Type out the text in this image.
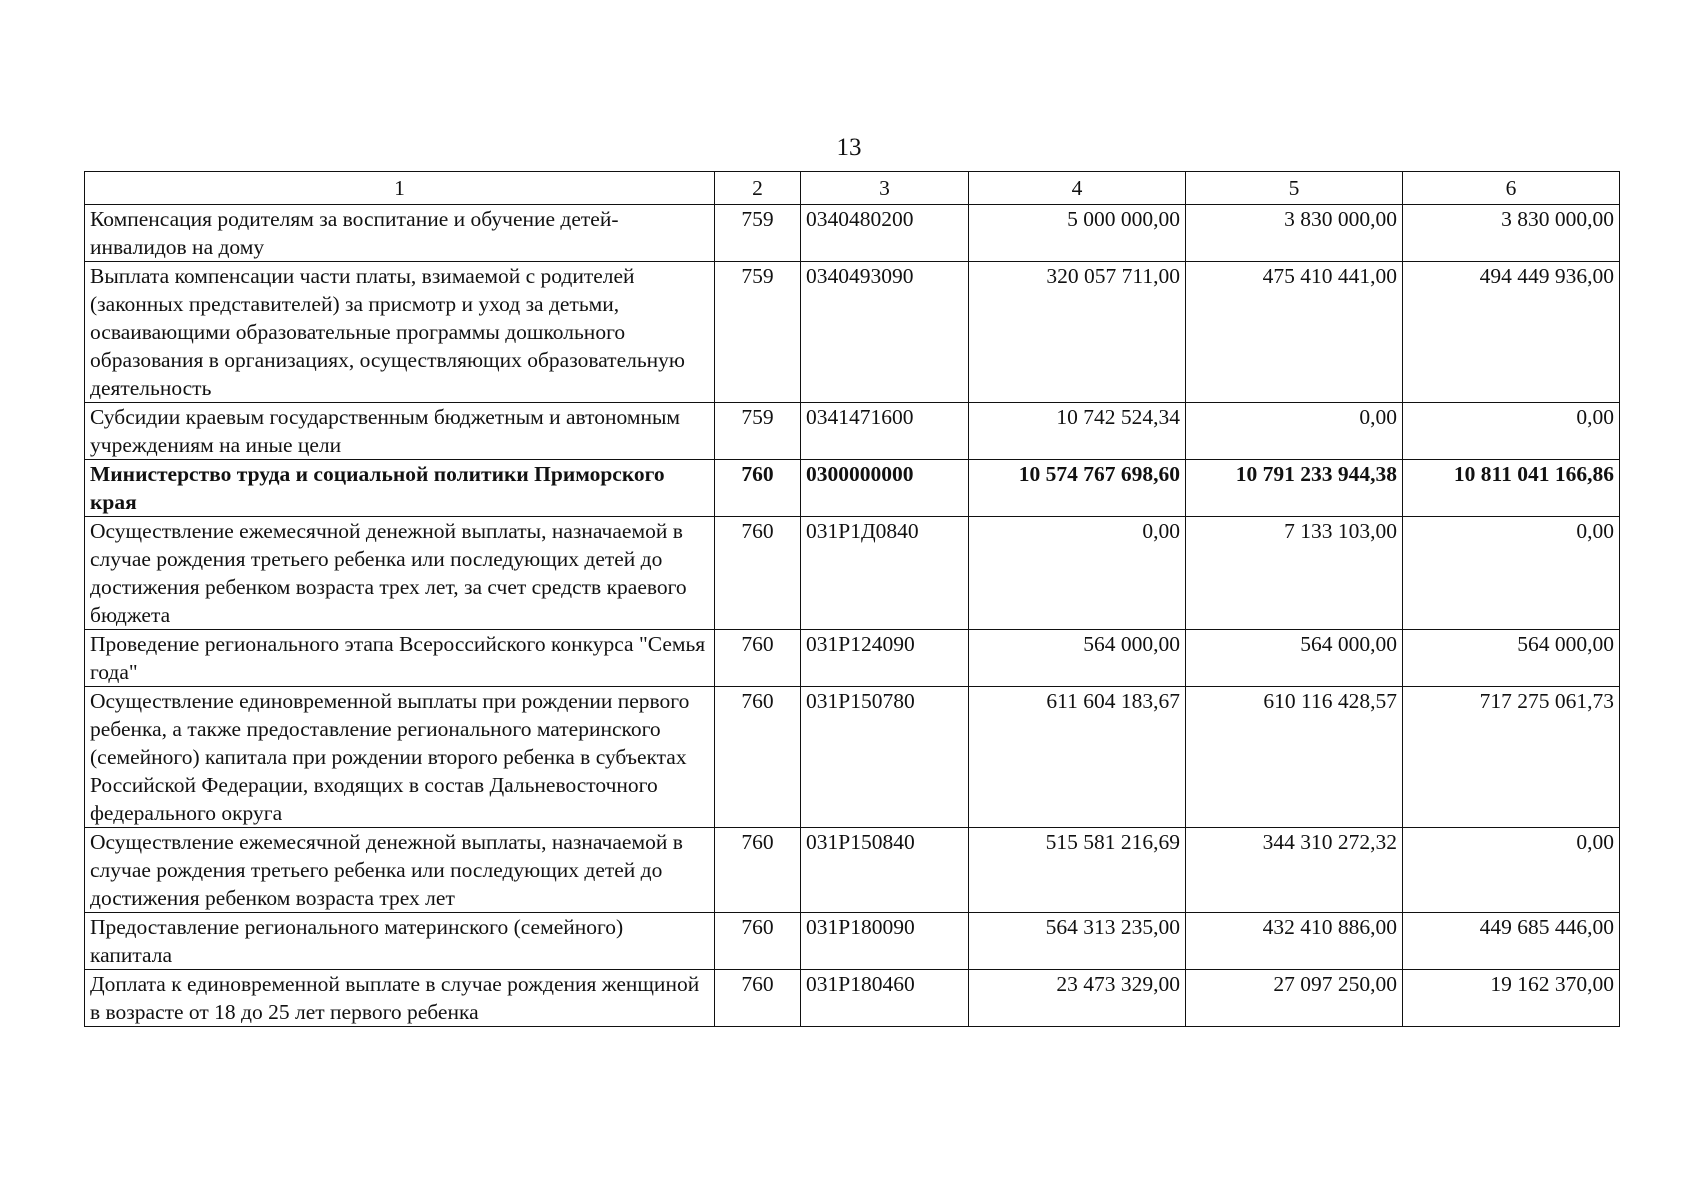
13
1	2	3	4	5	6
Компенсация родителям за воспитание и обучение детей-инвалидов на дому	759	0340480200	5 000 000,00	3 830 000,00	3 830 000,00
Выплата компенсации части платы, взимаемой с родителей (законных представителей) за присмотр и уход за детьми, осваивающими образовательные программы дошкольного образования в организациях, осуществляющих образовательную деятельность	759	0340493090	320 057 711,00	475 410 441,00	494 449 936,00
Субсидии краевым государственным бюджетным и автономным учреждениям на иные цели	759	0341471600	10 742 524,34	0,00	0,00
Министерство труда и социальной политики Приморского края	760	0300000000	10 574 767 698,60	10 791 233 944,38	10 811 041 166,86
Осуществление ежемесячной денежной выплаты, назначаемой в случае рождения третьего ребенка или последующих детей до достижения ребенком возраста трех лет, за счет средств краевого бюджета	760	031P1Д0840	0,00	7 133 103,00	0,00
Проведение регионального этапа Всероссийского конкурса "Семья года"	760	031P124090	564 000,00	564 000,00	564 000,00
Осуществление единовременной выплаты при рождении первого ребенка, а также предоставление регионального материнского (семейного) капитала при рождении второго ребенка в субъектах Российской Федерации, входящих в состав Дальневосточного федерального округа	760	031P150780	611 604 183,67	610 116 428,57	717 275 061,73
Осуществление ежемесячной денежной выплаты, назначаемой в случае рождения третьего ребенка или последующих детей до достижения ребенком возраста трех лет	760	031P150840	515 581 216,69	344 310 272,32	0,00
Предоставление регионального материнского (семейного) капитала	760	031P180090	564 313 235,00	432 410 886,00	449 685 446,00
Доплата к единовременной выплате в случае рождения женщиной в возрасте от 18 до 25 лет первого ребенка	760	031P180460	23 473 329,00	27 097 250,00	19 162 370,00
